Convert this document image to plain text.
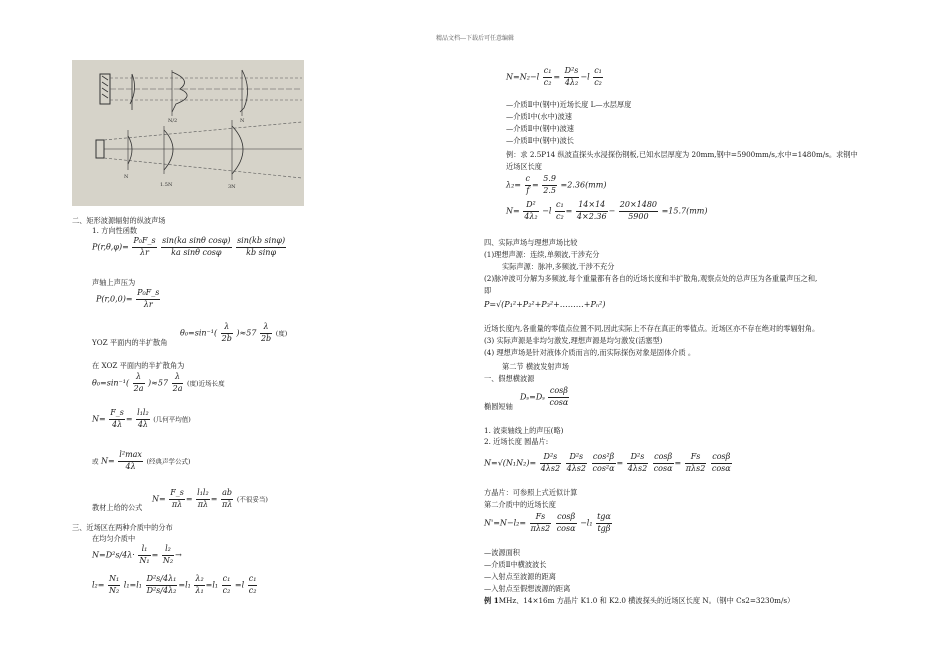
精品文档---下载后可任意编辑
N/2	N
N
1.5N	3N
二、矩形波源辐射的纵波声场
1. 方向性函数
$P(r,\theta,\varphi)= \frac{\text{P₀F\_s}}{\lambda r}$
$\frac{\text{sin(ka sinθ cosφ)}}{\text{ka sinθ cosφ}}$
$\frac{\text{sin(kb sinφ)}}{\text{kb sinφ}}$
声轴上声压为
$P(r,0,0)= \frac{\text{P₀F\_s}}{\lambda r}$
$\theta_0=\sin^{-1}( \frac{\lambda}{2b} )\approx 57 \frac{\lambda}{2b}$ (度)
YOZ 平面内的半扩散角
在 XOZ 平面内的半扩散角为
$\theta_0=\sin^{-1}( \frac{\lambda}{2a} )\approx 57 \frac{\lambda}{2a}$ (度)近场长度
$N= \frac{F\_s}{4\lambda} = \frac{\text{l₁l₂}}{4\lambda}$ (几何平均值)
或 $N= \frac{\text{l²max}}{4\lambda}$ (经典声学公式)
教材上给的公式
$N= \frac{F\_s}{\pi\lambda} = \frac{\text{l₁l₂}}{\pi\lambda} = \frac{ab}{\pi\lambda}$ (不很妥当)
三、近场区在两种介质中的分布
在均匀介质中
$N=D^2s/4\lambda\cdot \frac{\text{l₁}}{\text{N₁}} = \frac{\text{l₂}}{\text{N₂}}$ →
$l_2= \frac{\text{N₁}}{\text{N₂}} l_1=l_1 \frac{\text{D²s/4λ₁}}{\text{D²s/4λ₂}} =l_1 \frac{\text{λ₂}}{\text{λ₁}} =l_1 \frac{\text{c₁}}{\text{c₂}} =l \frac{\text{c₁}}{\text{c₂}}$
$N=N_2-l \frac{\text{c₁}}{\text{c₂}} = \frac{\text{D²s}}{\text{4λ₂}} -l \frac{\text{c₁}}{\text{c₂}}$
—介质Ⅱ中(钢中)近场长度 L—水层厚度
—介质Ⅰ中(水中)波速
—介质Ⅱ中(钢中)波速
—介质Ⅱ中(钢中)波长
例：求 2.5P14 纵波直探头水浸探伤钢板,已知水层厚度为 20mm,钢中=5900mm/s,水中=1480m/s。求钢中
近场区长度
$\lambda_2= \frac{c}{f} = \frac{5.9}{2.5} =2.36(mm)$
$N= \frac{\text{D²}}{\text{4λ₂}} -l \frac{\text{c₁}}{\text{c₂}} = \frac{14\times 14}{4\times 2.36} - \frac{20\times 1480}{5900} =15.7(mm)$
四、实际声场与理想声场比较
(1)理想声源：连续,单频波,干涉充分
实际声源：脉冲,多频波,干涉不充分
(2)脉冲波可分解为多频波,每个重量都有各自的近场长度和半扩散角,观察点处的总声压为各重量声压之和,
即
P=√(P₁²+P₂²+P₃²+………+Pₙ²)
近场长度内,各重量的零值点位置不同,因此实际上不存在真正的零值点。近场区亦不存在绝对的零辐射角。
(3) 实际声源是非均匀激发,理想声源是均匀激发(活塞型)
(4) 理想声场是针对液体介质而言的,而实际探伤对象是固体介质 。
第二节 横波发射声场
一、假想横波源
$D_s=D_s \frac{\cos\beta}{\cos\alpha}$
椭圆短轴
1. 波束轴线上的声压(略)
2. 近场长度 圆晶片:
$N=√(N_1N_2)= \frac{\text{D²s}}{4\lambda s2}$
$\frac{\text{D²s}}{4\lambda s2}$
$\frac{\text{cos²β}}{\text{cos²α}} = \frac{\text{D²s}}{4\lambda s2}$
$\frac{\cos\beta}{\cos\alpha} = \frac{Fs}{\text{πλs2}}$
$\frac{\cos\beta}{\cos\alpha}$
方晶片：可参照上式近似计算
第二介质中的近场长度
$N'=N-l_2= \frac{Fs}{\text{πλs2}}$
$\frac{\cos\beta}{\cos\alpha} -l_1 \frac{\text{tgα}}{\text{tgβ}}$
—波源面积
—介质Ⅱ中横波波长
—入射点至波源的距离
—入射点至假想波源的距离
例 1MHz、14×16m 方晶片 K1.0 和 K2.0 横波探头的近场区长度 N。（钢中 Cs2=3230m/s）
